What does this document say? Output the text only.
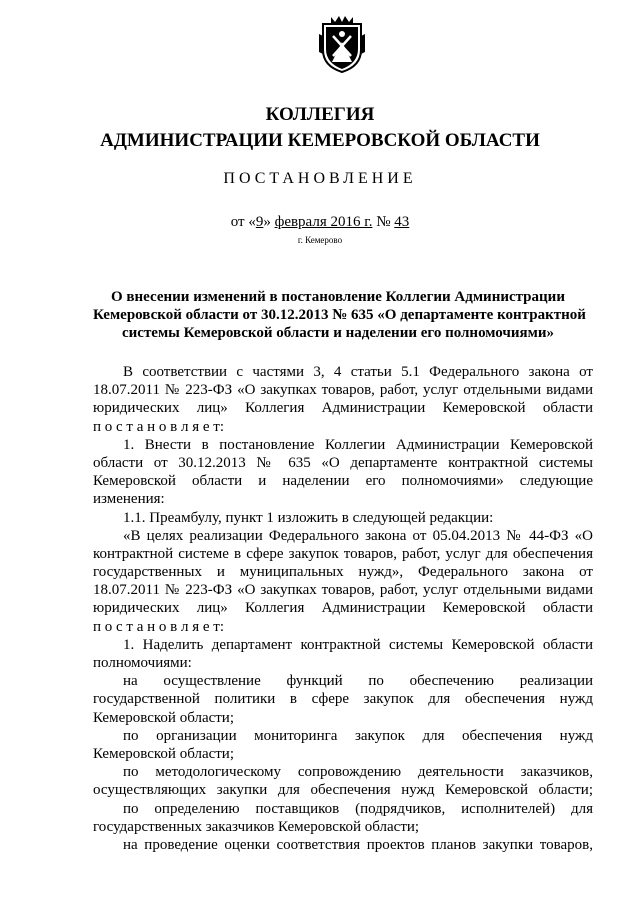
КОЛЛЕГИЯ
АДМИНИСТРАЦИИ КЕМЕРОВСКОЙ ОБЛАСТИ
ПОСТАНОВЛЕНИЕ
от «9» февраля 2016 г. № 43
г. Кемерово
О внесении изменений в постановление Коллегии Администрации
Кемеровской области от 30.12.2013 № 635 «О департаменте контрактной
системы Кемеровской области и наделении его полномочиями»
В соответствии с частями 3, 4 статьи 5.1 Федерального закона от
18.07.2011 № 223-ФЗ «О закупках товаров, работ, услуг отдельными видами
юридических лиц» Коллегия Администрации Кемеровской области
п о с т а н о в л я е т:
1. Внести в постановление Коллегии Администрации Кемеровской
области от 30.12.2013 № 635 «О департаменте контрактной системы
Кемеровской области и наделении его полномочиями» следующие
изменения:
1.1. Преамбулу, пункт 1 изложить в следующей редакции:
«В целях реализации Федерального закона от 05.04.2013 № 44-ФЗ «О
контрактной системе в сфере закупок товаров, работ, услуг для обеспечения
государственных и муниципальных нужд», Федерального закона от
18.07.2011 № 223-ФЗ «О закупках товаров, работ, услуг отдельными видами
юридических лиц» Коллегия Администрации Кемеровской области
п о с т а н о в л я е т:
1. Наделить департамент контрактной системы Кемеровской области
полномочиями:
на осуществление функций по обеспечению реализации
государственной политики в сфере закупок для обеспечения нужд
Кемеровской области;
по организации мониторинга закупок для обеспечения нужд
Кемеровской области;
по методологическому сопровождению деятельности заказчиков,
осуществляющих закупки для обеспечения нужд Кемеровской области;
по определению поставщиков (подрядчиков, исполнителей) для
государственных заказчиков Кемеровской области;
на проведение оценки соответствия проектов планов закупки товаров,
